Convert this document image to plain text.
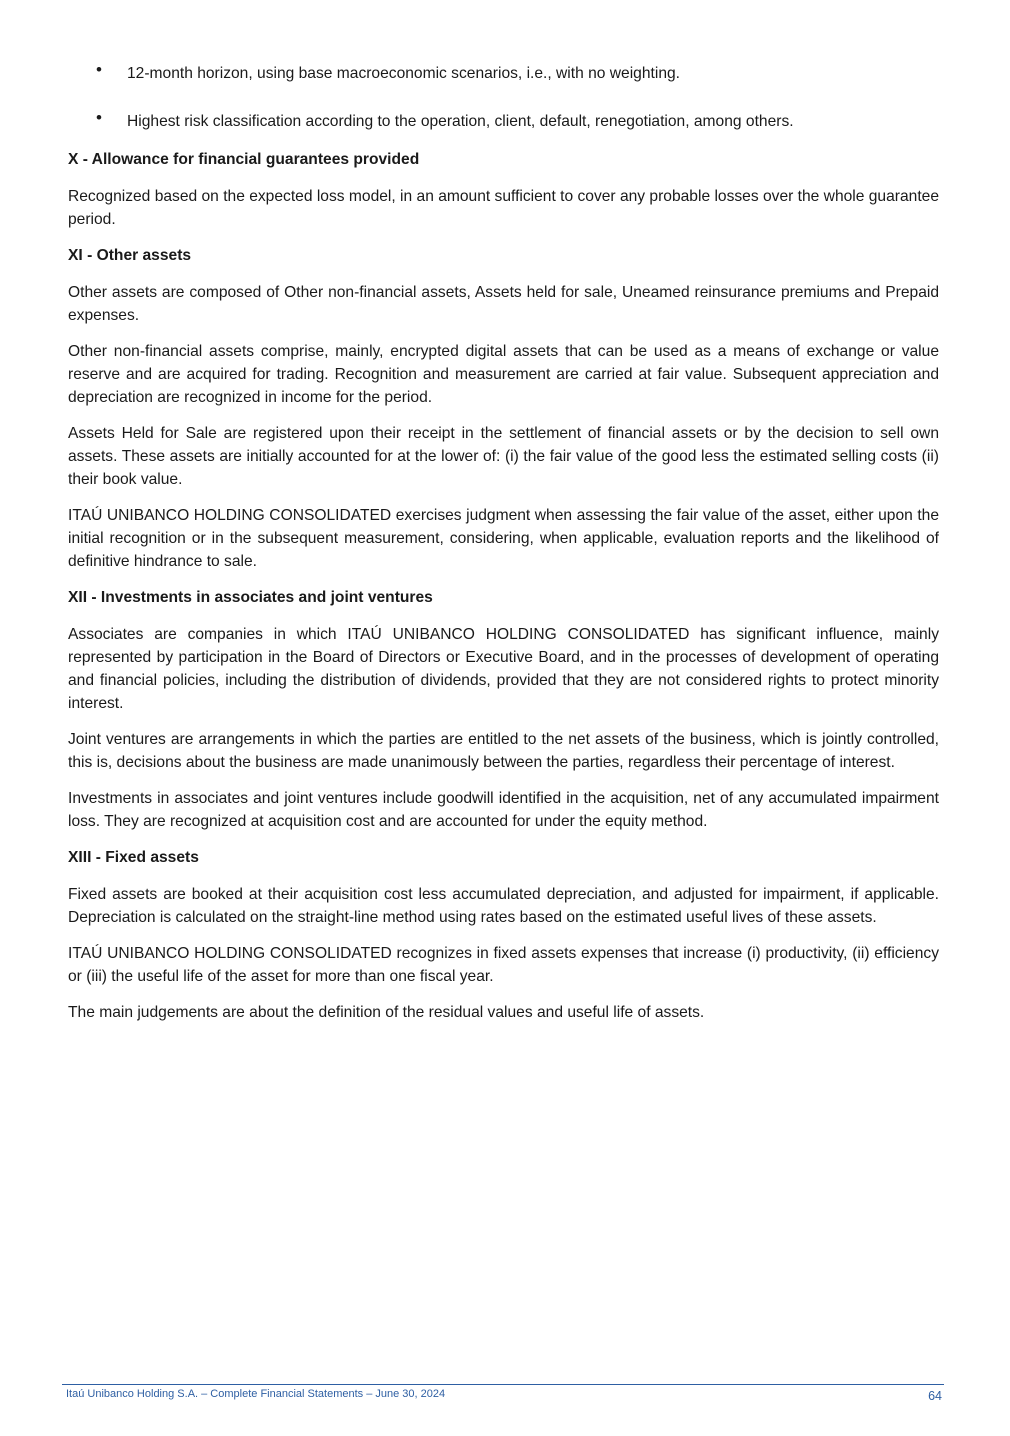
• 12-month horizon, using base macroeconomic scenarios, i.e., with no weighting.
• Highest risk classification according to the operation, client, default, renegotiation, among others.
X - Allowance for financial guarantees provided

Recognized based on the expected loss model, in an amount sufficient to cover any probable losses over the whole guarantee period.

XI - Other assets

Other assets are composed of Other non-financial assets, Assets held for sale, Uneamed reinsurance premiums and Prepaid expenses.

Other non-financial assets comprise, mainly, encrypted digital assets that can be used as a means of exchange or value reserve and are acquired for trading. Recognition and measurement are carried at fair value. Subsequent appreciation and depreciation are recognized in income for the period.

Assets Held for Sale are registered upon their receipt in the settlement of financial assets or by the decision to sell own assets. These assets are initially accounted for at the lower of: (i) the fair value of the good less the estimated selling costs (ii) their book value.

ITAÚ UNIBANCO HOLDING CONSOLIDATED exercises judgment when assessing the fair value of the asset, either upon the initial recognition or in the subsequent measurement, considering, when applicable, evaluation reports and the likelihood of definitive hindrance to sale.

XII - Investments in associates and joint ventures

Associates are companies in which ITAÚ UNIBANCO HOLDING CONSOLIDATED has significant influence, mainly represented by participation in the Board of Directors or Executive Board, and in the processes of development of operating and financial policies, including the distribution of dividends, provided that they are not considered rights to protect minority interest.

Joint ventures are arrangements in which the parties are entitled to the net assets of the business, which is jointly controlled, this is, decisions about the business are made unanimously between the parties, regardless their percentage of interest.

Investments in associates and joint ventures include goodwill identified in the acquisition, net of any accumulated impairment loss. They are recognized at acquisition cost and are accounted for under the equity method.

XIII - Fixed assets

Fixed assets are booked at their acquisition cost less accumulated depreciation, and adjusted for impairment, if applicable. Depreciation is calculated on the straight-line method using rates based on the estimated useful lives of these assets.

ITAÚ UNIBANCO HOLDING CONSOLIDATED recognizes in fixed assets expenses that increase (i) productivity, (ii) efficiency or (iii) the useful life of the asset for more than one fiscal year.

The main judgements are about the definition of the residual values and useful life of assets.

Itaú Unibanco Holding S.A. – Complete Financial Statements – June 30, 2024	64
